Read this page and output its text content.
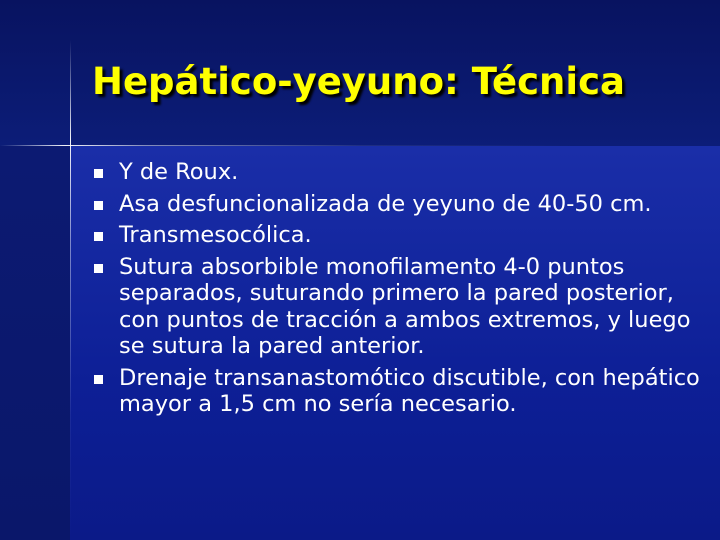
Hepático-yeyuno: Técnica
Y de Roux.
Asa desfuncionalizada de yeyuno de 40-50 cm.
Transmesocólica.
Sutura absorbible monofilamento 4-0 puntos separados, suturando primero la pared posterior, con puntos de tracción a ambos extremos, y luego se sutura la pared anterior.
Drenaje transanastomótico discutible, con hepático mayor a 1,5 cm no sería necesario.
